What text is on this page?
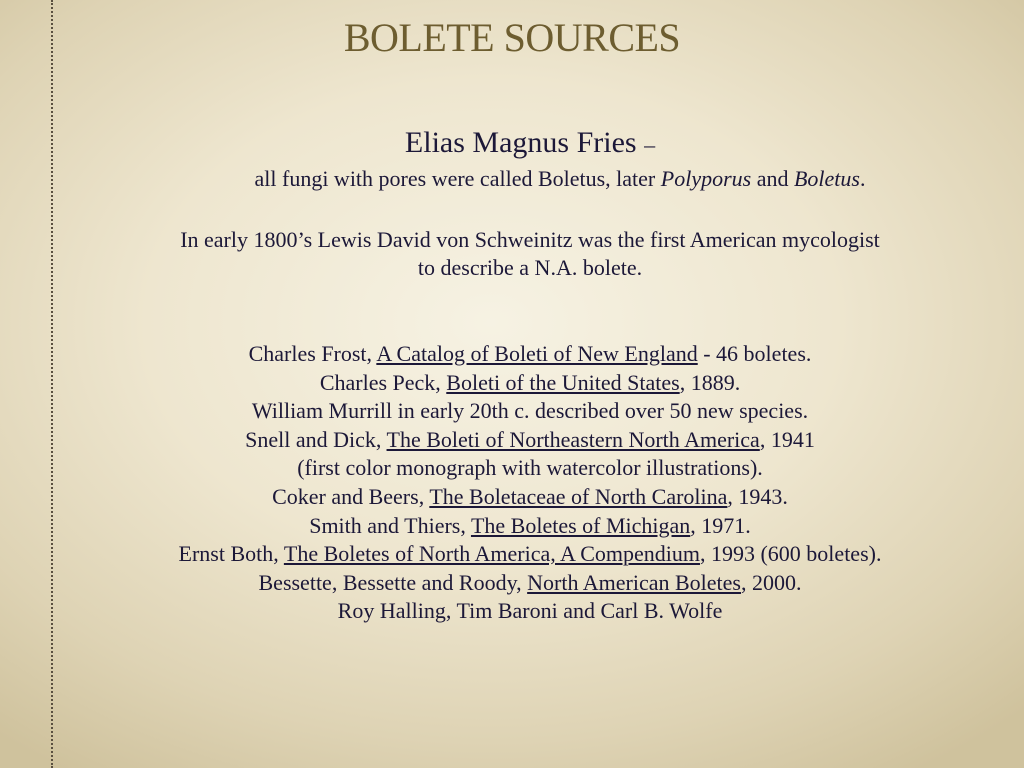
BOLETE SOURCES
Elias Magnus Fries –
all fungi with pores were called Boletus, later Polyporus and Boletus.
In early 1800’s Lewis David von Schweinitz was the first American mycologist
to describe a N.A. bolete.
Charles Frost, A Catalog of Boleti of New England - 46 boletes.
Charles Peck, Boleti of the United States, 1889.
William Murrill in early 20th c. described over 50 new species.
Snell and Dick, The Boleti of Northeastern North America, 1941
(first color monograph with watercolor illustrations).
Coker and Beers, The Boletaceae of North Carolina, 1943.
Smith and Thiers, The Boletes of Michigan, 1971.
Ernst Both, The Boletes of North America, A Compendium, 1993 (600 boletes).
Bessette, Bessette and Roody, North American Boletes, 2000.
Roy Halling, Tim Baroni and Carl B. Wolfe
